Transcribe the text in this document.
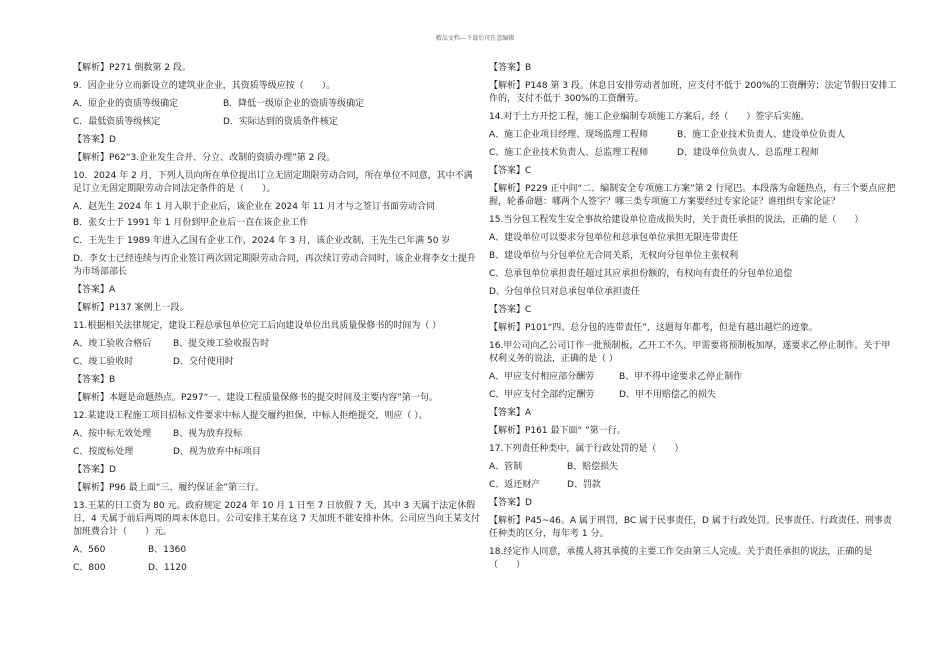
精品文档---下载后可任意编辑

【解析】P271 倒数第 2 段。

9．因企业分立而新设立的建筑业企业，其资质等级应按（　　）。

A．原企业的资质等级确定	B．降低一级原企业的资质等级确定
C．最低资质等级核定	D．实际达到的资质条件核定

【答案】D

【解析】P62“3.企业发生合并、分立、改制的资质办理”第 2 段。

10．2024 年 2 月，下列人员向所在单位提出订立无固定期限劳动合同，所在单位不同意，其中不满足订立无固定期限劳动合同法定条件的是（　　）。

A．赵先生 2024 年 1 月入职于企业后，该企业在 2024 年 11 月才与之签订书面劳动合同

B．张女士于 1991 年 1 月份到甲企业后一直在该企业工作

C．王先生于 1989 年进入乙国有企业工作，2024 年 3 月，该企业改制，王先生已年满 50 岁

D．李女士已经连续与丙企业签订两次固定期限劳动合同，再次续订劳动合同时，该企业将李女士提升为市场部部长

【答案】A

【解析】P137 案例上一段。

11.根据相关法律规定，建设工程总承包单位完工后向建设单位出具质量保修书的时间为（ ）

A、竣工验收合格后	B、提交竣工验收报告时
C、竣工验收时	D、交付使用时

【答案】B

【解析】本题是命题热点。P297“一、建设工程质量保修书的提交时间及主要内容”第一句。

12.某建设工程施工项目招标文件要求中标人提交履约担保，中标人拒绝提交，则应（ ）。

A、按中标无效处理	B、视为放弃投标
C、按废标处理	D、视为放弃中标项目

【答案】D

【解析】P96 最上面“三、履约保证金”第三行。

13.王某的日工资为 80 元。政府规定 2024 年 10 月 1 日至 7 日放假 7 天，其中 3 天属于法定休假日，4 天属于前后两周的周末休息日。公司安排王某在这 7 天加班不能安排补休。公司应当向王某支付加班费合计（　　）元。

A、560	B、1360
C、800	D、1120

【答案】B

【解析】P148 第 3 段。休息日安排劳动者加班，应支付不低于 200%的工资酬劳；法定节假日安排工作的，支付不低于 300%的工资酬劳。

14.对于土方开挖工程，施工企业编制专项施工方案后，经（　　）签字后实施。

A、施工企业项目经理、现场监理工程师	B、施工企业技术负责人、建设单位负责人
C、施工企业技术负责人、总监理工程师	D、建设单位负责人、总监理工程师

【答案】C

【解析】P229 正中间“二、编制安全专项施工方案”第 2 行尾巴。本段落为命题热点，有三个要点应把握，轮番命题：哪两个人签字？哪三类专项施工方案要经过专家论证？谁组织专家论证？

15.当分包工程发生安全事故给建设单位造成损失时，关于责任承担的说法，正确的是（　　）

A、建设单位可以要求分包单位和总承包单位承担无限连带责任

B、建设单位与分包单位无合同关系，无权向分包单位主张权利

C、总承包单位承担责任超过其应承担份额的，有权向有责任的分包单位追偿

D、分包单位只对总承包单位承担责任

【答案】C

【解析】P101“四、总分包的连带责任”，这题每年都考，但是有越出越烂的迹象。

16.甲公司向乙公司订作一批预制板，乙开工不久，甲需要将预制板加厚，遂要求乙停止制作。关于甲权利义务的说法，正确的是（ ）

A、甲应支付相应部分酬劳	B、甲不得中途要求乙停止制作
C、甲应支付全部约定酬劳	D、甲不用赔偿乙的损失

【答案】A

【解析】P161 最下面“ ”第一行。

17.下列责任种类中，属于行政处罚的是（　　）

A、管制	B、赔偿损失
C、返还财产	D、罚款

【答案】D

【解析】P45~46。A 属于刑罚，BC 属于民事责任，D 属于行政处罚。民事责任、行政责任、刑事责任种类的区分，每年考 1 分。

18.经定作人同意，承揽人将其承揽的主要工作交由第三人完成。关于责任承担的说法，正确的是（　　）
